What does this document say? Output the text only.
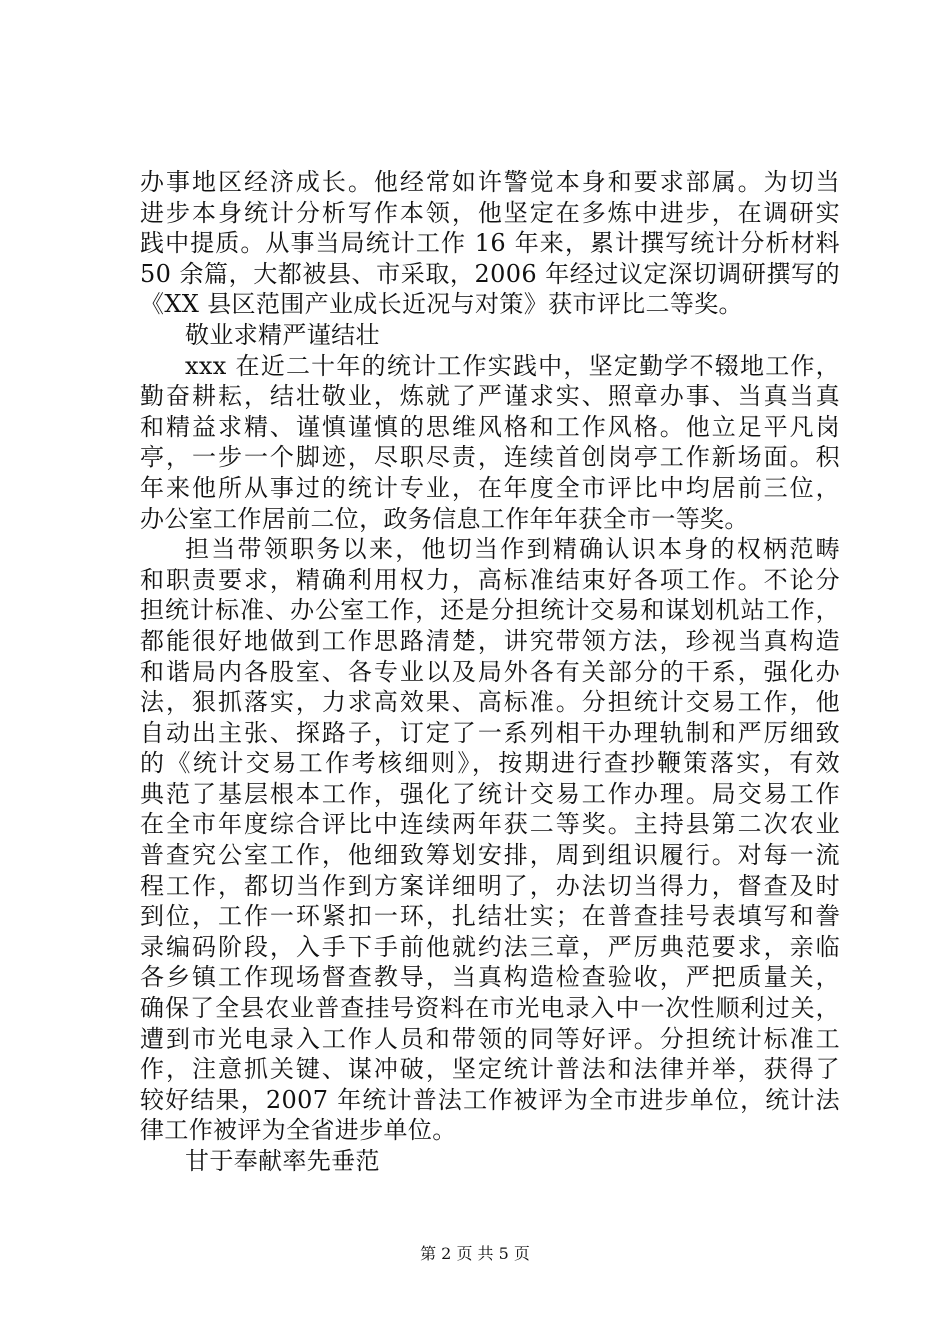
办事地区经济成长。他经常如许警觉本身和要求部属。为切当
进步本身统计分析写作本领，他坚定在多炼中进步，在调研实
践中提质。从事当局统计工作 16 年来，累计撰写统计分析材料
50 余篇，大都被县、市采取，2006 年经过议定深切调研撰写的
《XX 县区范围产业成长近况与对策》获市评比二等奖。
敬业求精严谨结壮
xxx 在近二十年的统计工作实践中，坚定勤学不辍地工作，
勤奋耕耘，结壮敬业，炼就了严谨求实、照章办事、当真当真
和精益求精、谨慎谨慎的思维风格和工作风格。他立足平凡岗
亭，一步一个脚迹，尽职尽责，连续首创岗亭工作新场面。积
年来他所从事过的统计专业，在年度全市评比中均居前三位，
办公室工作居前二位，政务信息工作年年获全市一等奖。
担当带领职务以来，他切当作到精确认识本身的权柄范畴
和职责要求，精确利用权力，高标准结束好各项工作。不论分
担统计标准、办公室工作，还是分担统计交易和谋划机站工作，
都能很好地做到工作思路清楚，讲究带领方法，珍视当真构造
和谐局内各股室、各专业以及局外各有关部分的干系，强化办
法，狠抓落实，力求高效果、高标准。分担统计交易工作，他
自动出主张、探路子，订定了一系列相干办理轨制和严厉细致
的《统计交易工作考核细则》，按期进行查抄鞭策落实，有效
典范了基层根本工作，强化了统计交易工作办理。局交易工作
在全市年度综合评比中连续两年获二等奖。主持县第二次农业
普查究公室工作，他细致筹划安排，周到组识履行。对每一流
程工作，都切当作到方案详细明了，办法切当得力，督查及时
到位，工作一环紧扣一环，扎结壮实；在普查挂号表填写和誊
录编码阶段，入手下手前他就约法三章，严厉典范要求，亲临
各乡镇工作现场督查教导，当真构造检查验收，严把质量关，
确保了全县农业普查挂号资料在市光电录入中一次性顺利过关，
遭到市光电录入工作人员和带领的同等好评。分担统计标准工
作，注意抓关键、谋冲破，坚定统计普法和法律并举，获得了
较好结果，2007 年统计普法工作被评为全市进步单位，统计法
律工作被评为全省进步单位。
甘于奉献率先垂范
第 2 页 共 5 页
